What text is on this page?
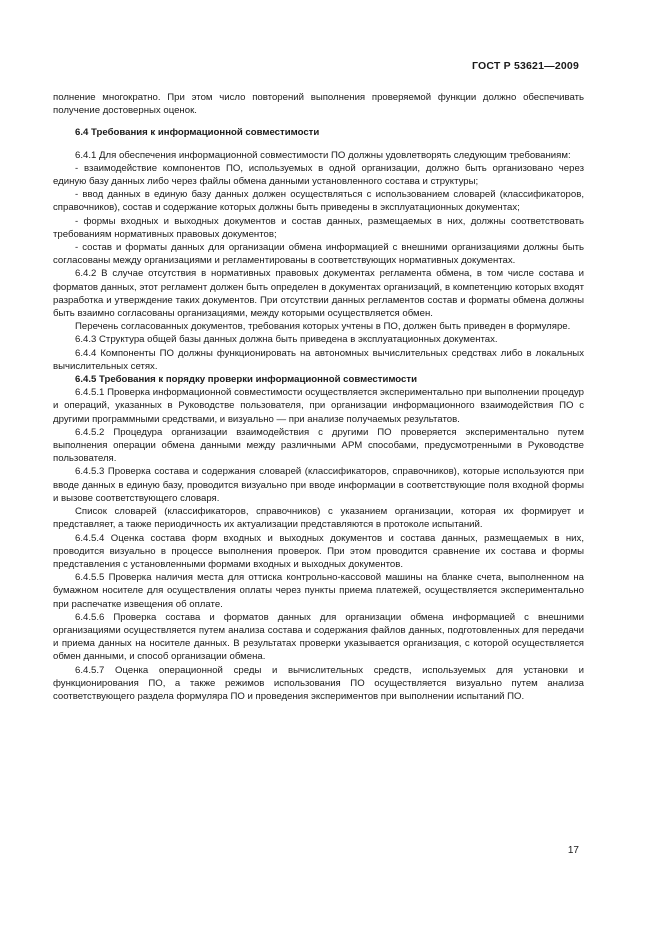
ГОСТ Р 53621—2009

полнение многократно. При этом число повторений выполнения проверяемой функции должно обеспечивать получение достоверных оценок.

6.4 Требования к информационной совместимости

6.4.1 Для обеспечения информационной совместимости ПО должны удовлетворять следующим требованиям:

- взаимодействие компонентов ПО, используемых в одной организации, должно быть организовано через единую базу данных либо через файлы обмена данными установленного состава и структуры;

- ввод данных в единую базу данных должен осуществляться с использованием словарей (классификаторов, справочников), состав и содержание которых должны быть приведены в эксплуатационных документах;

- формы входных и выходных документов и состав данных, размещаемых в них, должны соответствовать требованиям нормативных правовых документов;

- состав и форматы данных для организации обмена информацией с внешними организациями должны быть согласованы между организациями и регламентированы в соответствующих нормативных документах.

6.4.2 В случае отсутствия в нормативных правовых документах регламента обмена, в том числе состава и форматов данных, этот регламент должен быть определен в документах организаций, в компетенцию которых входят разработка и утверждение таких документов. При отсутствии данных регламентов состав и форматы обмена должны быть взаимно согласованы организациями, между которыми осуществляется обмен.

Перечень согласованных документов, требования которых учтены в ПО, должен быть приведен в формуляре.

6.4.3 Структура общей базы данных должна быть приведена в эксплуатационных документах.

6.4.4 Компоненты ПО должны функционировать на автономных вычислительных средствах либо в локальных вычислительных сетях.

6.4.5 Требования к порядку проверки информационной совместимости

6.4.5.1 Проверка информационной совместимости осуществляется экспериментально при выполнении процедур и операций, указанных в Руководстве пользователя, при организации информационного взаимодействия ПО с другими программными средствами, и визуально — при анализе получаемых результатов.

6.4.5.2 Процедура организации взаимодействия с другими ПО проверяется экспериментально путем выполнения операции обмена данными между различными АРМ способами, предусмотренными в Руководстве пользователя.

6.4.5.3 Проверка состава и содержания словарей (классификаторов, справочников), которые используются при вводе данных в единую базу, проводится визуально при вводе информации в соответствующие поля входной формы и вызове соответствующего словаря.

Список словарей (классификаторов, справочников) с указанием организации, которая их формирует и представляет, а также периодичность их актуализации представляются в протоколе испытаний.

6.4.5.4 Оценка состава форм входных и выходных документов и состава данных, размещаемых в них, проводится визуально в процессе выполнения проверок. При этом проводится сравнение их состава и формы представления с установленными формами входных и выходных документов.

6.4.5.5 Проверка наличия места для оттиска контрольно-кассовой машины на бланке счета, выполненном на бумажном носителе для осуществления оплаты через пункты приема платежей, осуществляется экспериментально при распечатке извещения об оплате.

6.4.5.6 Проверка состава и форматов данных для организации обмена информацией с внешними организациями осуществляется путем анализа состава и содержания файлов данных, подготовленных для передачи и приема данных на носителе данных. В результатах проверки указывается организация, с которой осуществляется обмен данными, и способ организации обмена.

6.4.5.7 Оценка операционной среды и вычислительных средств, используемых для установки и функционирования ПО, а также режимов использования ПО осуществляется визуально путем анализа соответствующего раздела формуляра ПО и проведения экспериментов при выполнении испытаний ПО.

17
